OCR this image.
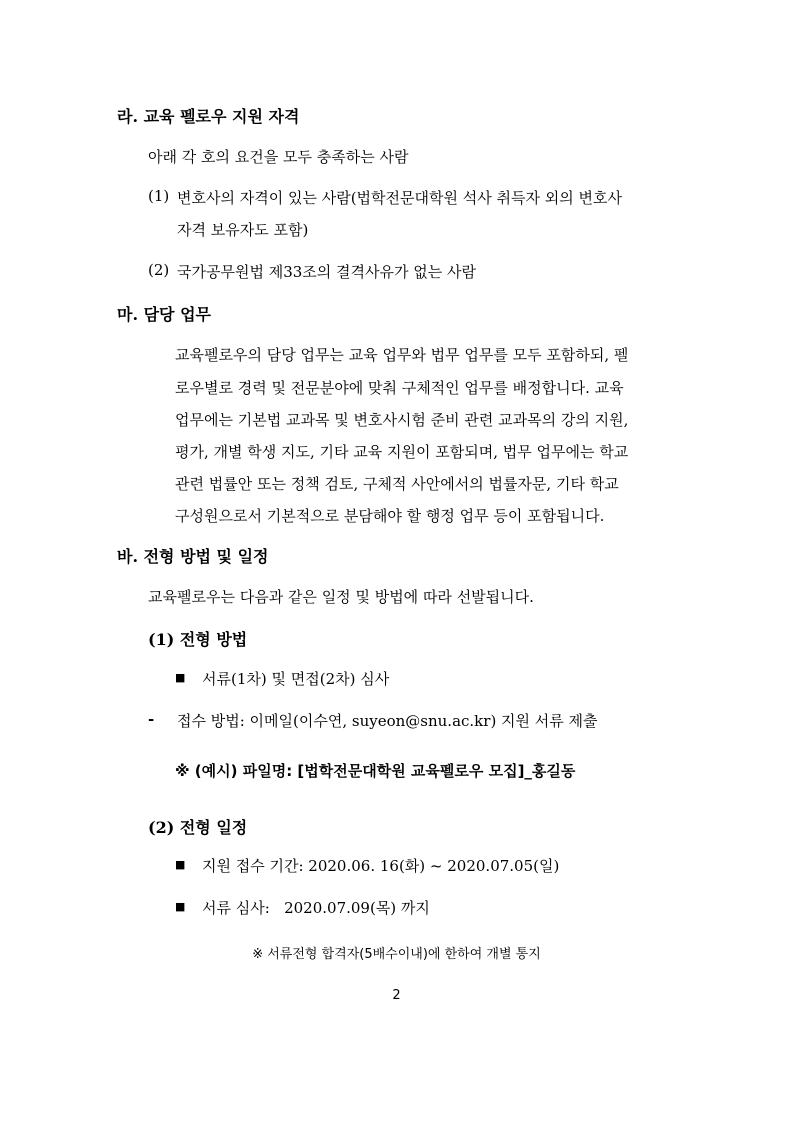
라. 교육 펠로우 지원 자격
아래 각 호의 요건을 모두 충족하는 사람
(1) 변호사의 자격이 있는 사람(법학전문대학원 석사 취득자 외의 변호사
자격 보유자도 포함)
(2) 국가공무원법 제33조의 결격사유가 없는 사람
마. 담당 업무
교육펠로우의 담당 업무는 교육 업무와 법무 업무를 모두 포함하되, 펠
로우별로 경력 및 전문분야에 맞춰 구체적인 업무를 배정합니다. 교육
업무에는 기본법 교과목 및 변호사시험 준비 관련 교과목의 강의 지원,
평가, 개별 학생 지도, 기타 교육 지원이 포함되며, 법무 업무에는 학교
관련 법률안 또는 정책 검토, 구체적 사안에서의 법률자문, 기타 학교
구성원으로서 기본적으로 분담해야 할 행정 업무 등이 포함됩니다.
바. 전형 방법 및 일정
교육펠로우는 다음과 같은 일정 및 방법에 따라 선발됩니다.
(1) 전형 방법
■ 서류(1차) 및 면접(2차) 심사
- 접수 방법: 이메일(이수연, suyeon@snu.ac.kr) 지원 서류 제출
※ (예시) 파일명: [법학전문대학원 교육펠로우 모집]_홍길동
(2) 전형 일정
■ 지원 접수 기간: 2020.06. 16(화) ~ 2020.07.05(일)
■ 서류 심사:   2020.07.09(목) 까지
※ 서류전형 합격자(5배수이내)에 한하여 개별 통지
2
